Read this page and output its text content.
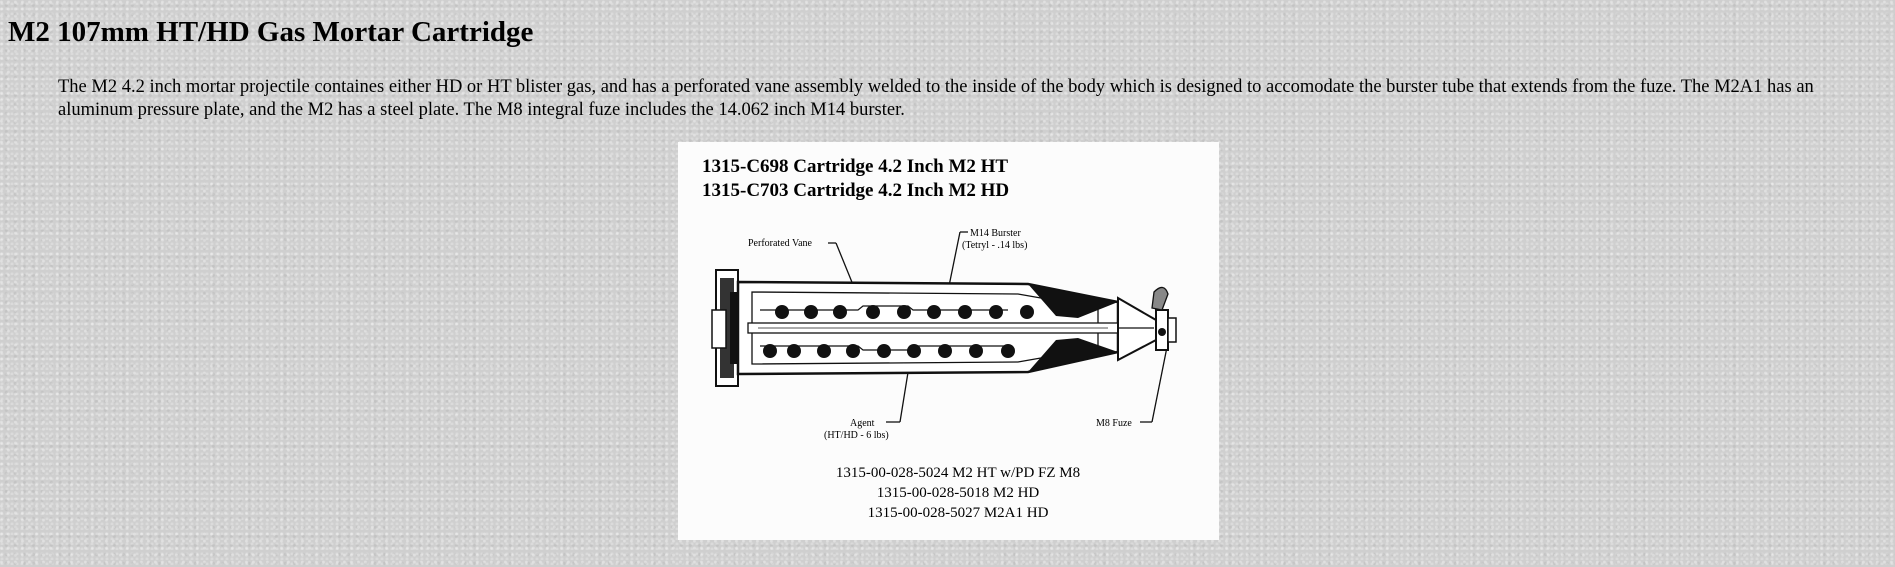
M2 107mm HT/HD Gas Mortar Cartridge

The M2 4.2 inch mortar projectile containes either HD or HT blister gas, and has a perforated vane assembly welded to the inside of the body which is designed to accomodate the burster tube that extends from the fuze. The M2A1 has an aluminum pressure plate, and the M2 has a steel plate. The M8 integral fuze includes the 14.062 inch M14 burster.

1315-C698 Cartridge 4.2 Inch M2 HT
1315-C703 Cartridge 4.2 Inch M2 HD
Perforated Vane
M14 Burster
(Tetryl - .14 lbs)
Agent
(HT/HD - 6 lbs)
M8 Fuze
1315-00-028-5024 M2 HT w/PD FZ M8
1315-00-028-5018 M2 HD
1315-00-028-5027 M2A1 HD
